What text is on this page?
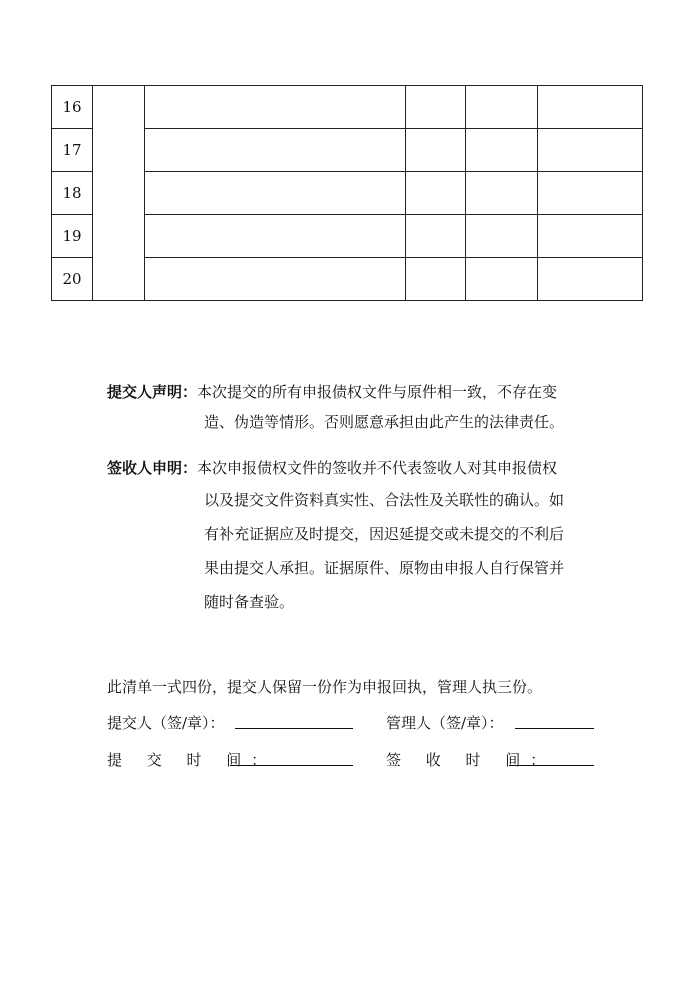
16					
17					
18					
19					
20					
提交人声明：本次提交的所有申报债权文件与原件相一致，不存在变
造、伪造等情形。否则愿意承担由此产生的法律责任。
签收人申明：本次申报债权文件的签收并不代表签收人对其申报债权
以及提交文件资料真实性、合法性及关联性的确认。如
有补充证据应及时提交，因迟延提交或未提交的不利后
果由提交人承担。证据原件、原物由申报人自行保管并
随时备查验。
此清单一式四份，提交人保留一份作为申报回执，管理人执三份。
提交人（签/章）：	管理人（签/章）：
提 交 时 间：	签 收 时 间：
